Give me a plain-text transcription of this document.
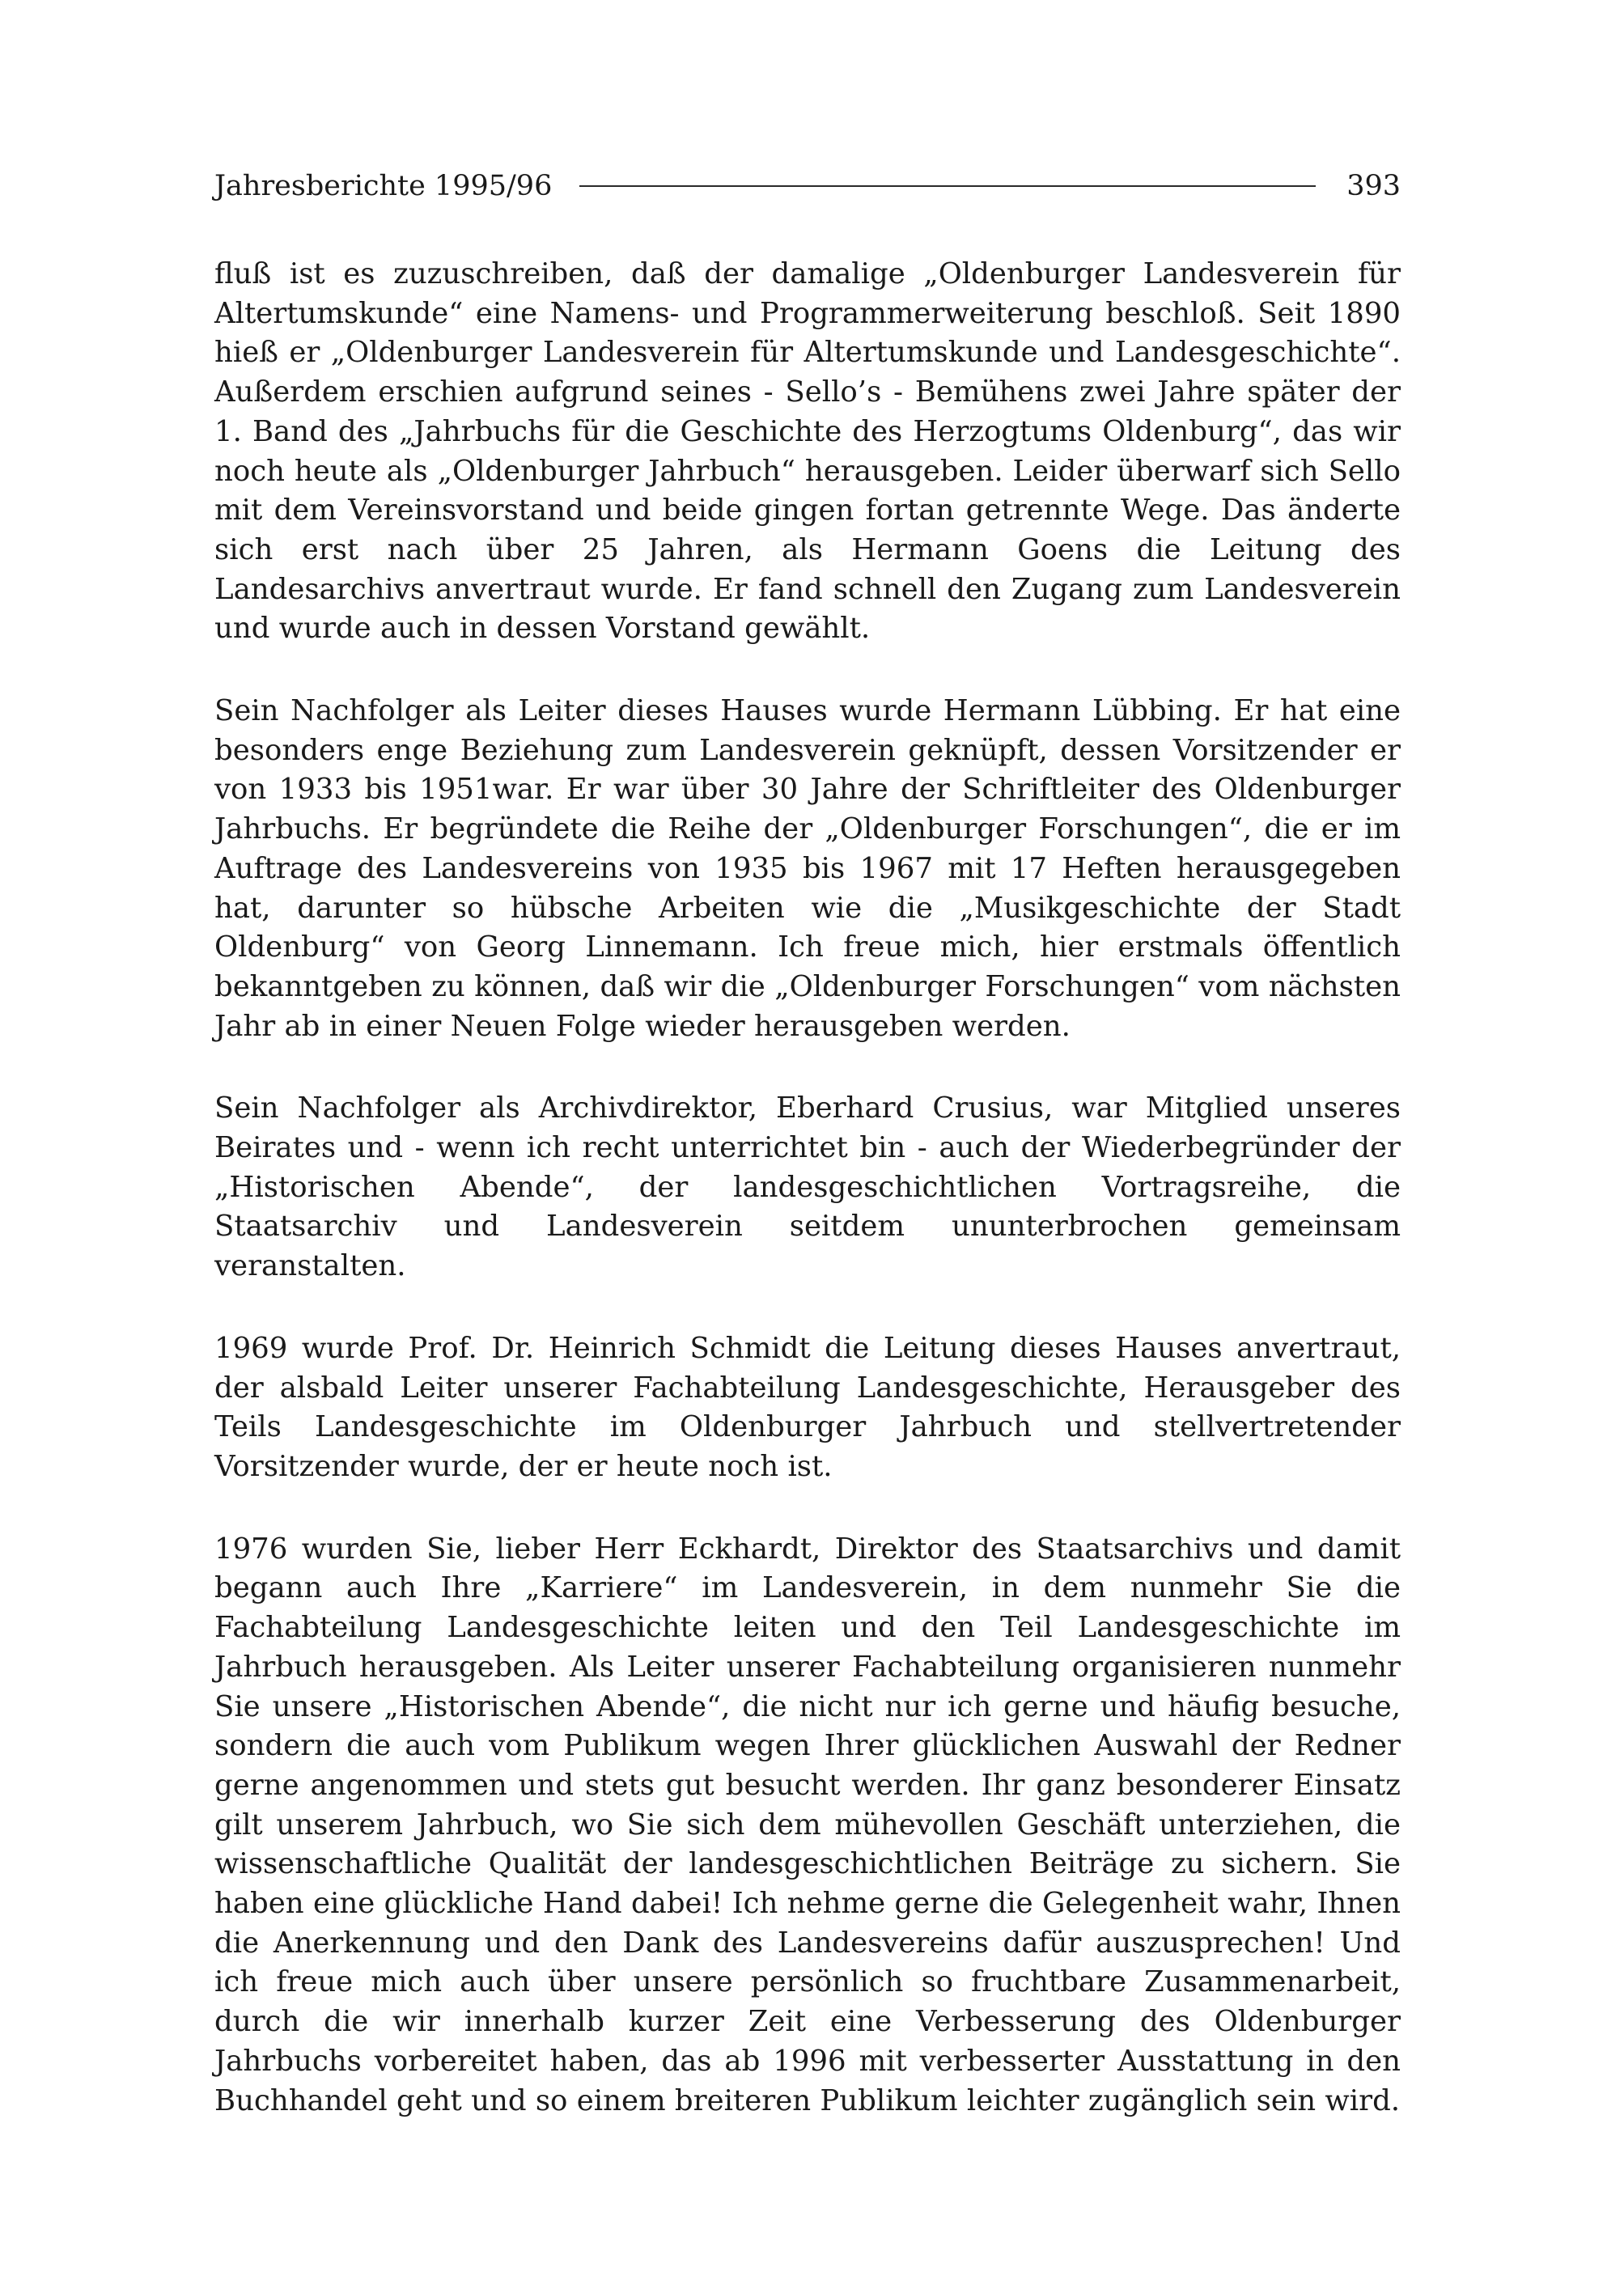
Jahresberichte 1995/96	393

fluß ist es zuzuschreiben, daß der damalige „Oldenburger Landesverein für Altertumskunde“ eine Namens- und Programmerweiterung beschloß. Seit 1890 hieß er „Oldenburger Landesverein für Altertumskunde und Landesgeschichte“. Außerdem erschien aufgrund seines - Sello’s - Bemühens zwei Jahre später der 1. Band des „Jahrbuchs für die Geschichte des Herzogtums Oldenburg“, das wir noch heute als „Oldenburger Jahrbuch“ herausgeben. Leider überwarf sich Sello mit dem Vereinsvorstand und beide gingen fortan getrennte Wege. Das änderte sich erst nach über 25 Jahren, als Hermann Goens die Leitung des Landesarchivs anvertraut wurde. Er fand schnell den Zugang zum Landesverein und wurde auch in dessen Vorstand gewählt.

Sein Nachfolger als Leiter dieses Hauses wurde Hermann Lübbing. Er hat eine besonders enge Beziehung zum Landesverein geknüpft, dessen Vorsitzender er von 1933 bis 1951war. Er war über 30 Jahre der Schriftleiter des Oldenburger Jahrbuchs. Er begründete die Reihe der „Oldenburger Forschungen“, die er im Auftrage des Landesvereins von 1935 bis 1967 mit 17 Heften herausgegeben hat, darunter so hübsche Arbeiten wie die „Musikgeschichte der Stadt Oldenburg“ von Georg Linnemann. Ich freue mich, hier erstmals öffentlich bekanntgeben zu können, daß wir die „Oldenburger Forschungen“ vom nächsten Jahr ab in einer Neuen Folge wieder herausgeben werden.

Sein Nachfolger als Archivdirektor, Eberhard Crusius, war Mitglied unseres Beirates und - wenn ich recht unterrichtet bin - auch der Wiederbegründer der „Historischen Abende“, der landesgeschichtlichen Vortragsreihe, die Staatsarchiv und Landesverein seitdem ununterbrochen gemeinsam veranstalten.

1969 wurde Prof. Dr. Heinrich Schmidt die Leitung dieses Hauses anvertraut, der alsbald Leiter unserer Fachabteilung Landesgeschichte, Herausgeber des Teils Landesgeschichte im Oldenburger Jahrbuch und stellvertretender Vorsitzender wurde, der er heute noch ist.

1976 wurden Sie, lieber Herr Eckhardt, Direktor des Staatsarchivs und damit begann auch Ihre „Karriere“ im Landesverein, in dem nunmehr Sie die Fachabteilung Landesgeschichte leiten und den Teil Landesgeschichte im Jahrbuch herausgeben. Als Leiter unserer Fachabteilung organisieren nunmehr Sie unsere „Historischen Abende“, die nicht nur ich gerne und häufig besuche, sondern die auch vom Publikum wegen Ihrer glücklichen Auswahl der Redner gerne angenommen und stets gut besucht werden. Ihr ganz besonderer Einsatz gilt unserem Jahrbuch, wo Sie sich dem mühevollen Geschäft unterziehen, die wissenschaftliche Qualität der landesgeschichtlichen Beiträge zu sichern. Sie haben eine glückliche Hand dabei! Ich nehme gerne die Gelegenheit wahr, Ihnen die Anerkennung und den Dank des Landesvereins dafür auszusprechen! Und ich freue mich auch über unsere persönlich so fruchtbare Zusammenarbeit, durch die wir innerhalb kurzer Zeit eine Verbesserung des Oldenburger Jahrbuchs vorbereitet haben, das ab 1996 mit verbesserter Ausstattung in den Buchhandel geht und so einem breiteren Publikum leichter zugänglich sein wird.
